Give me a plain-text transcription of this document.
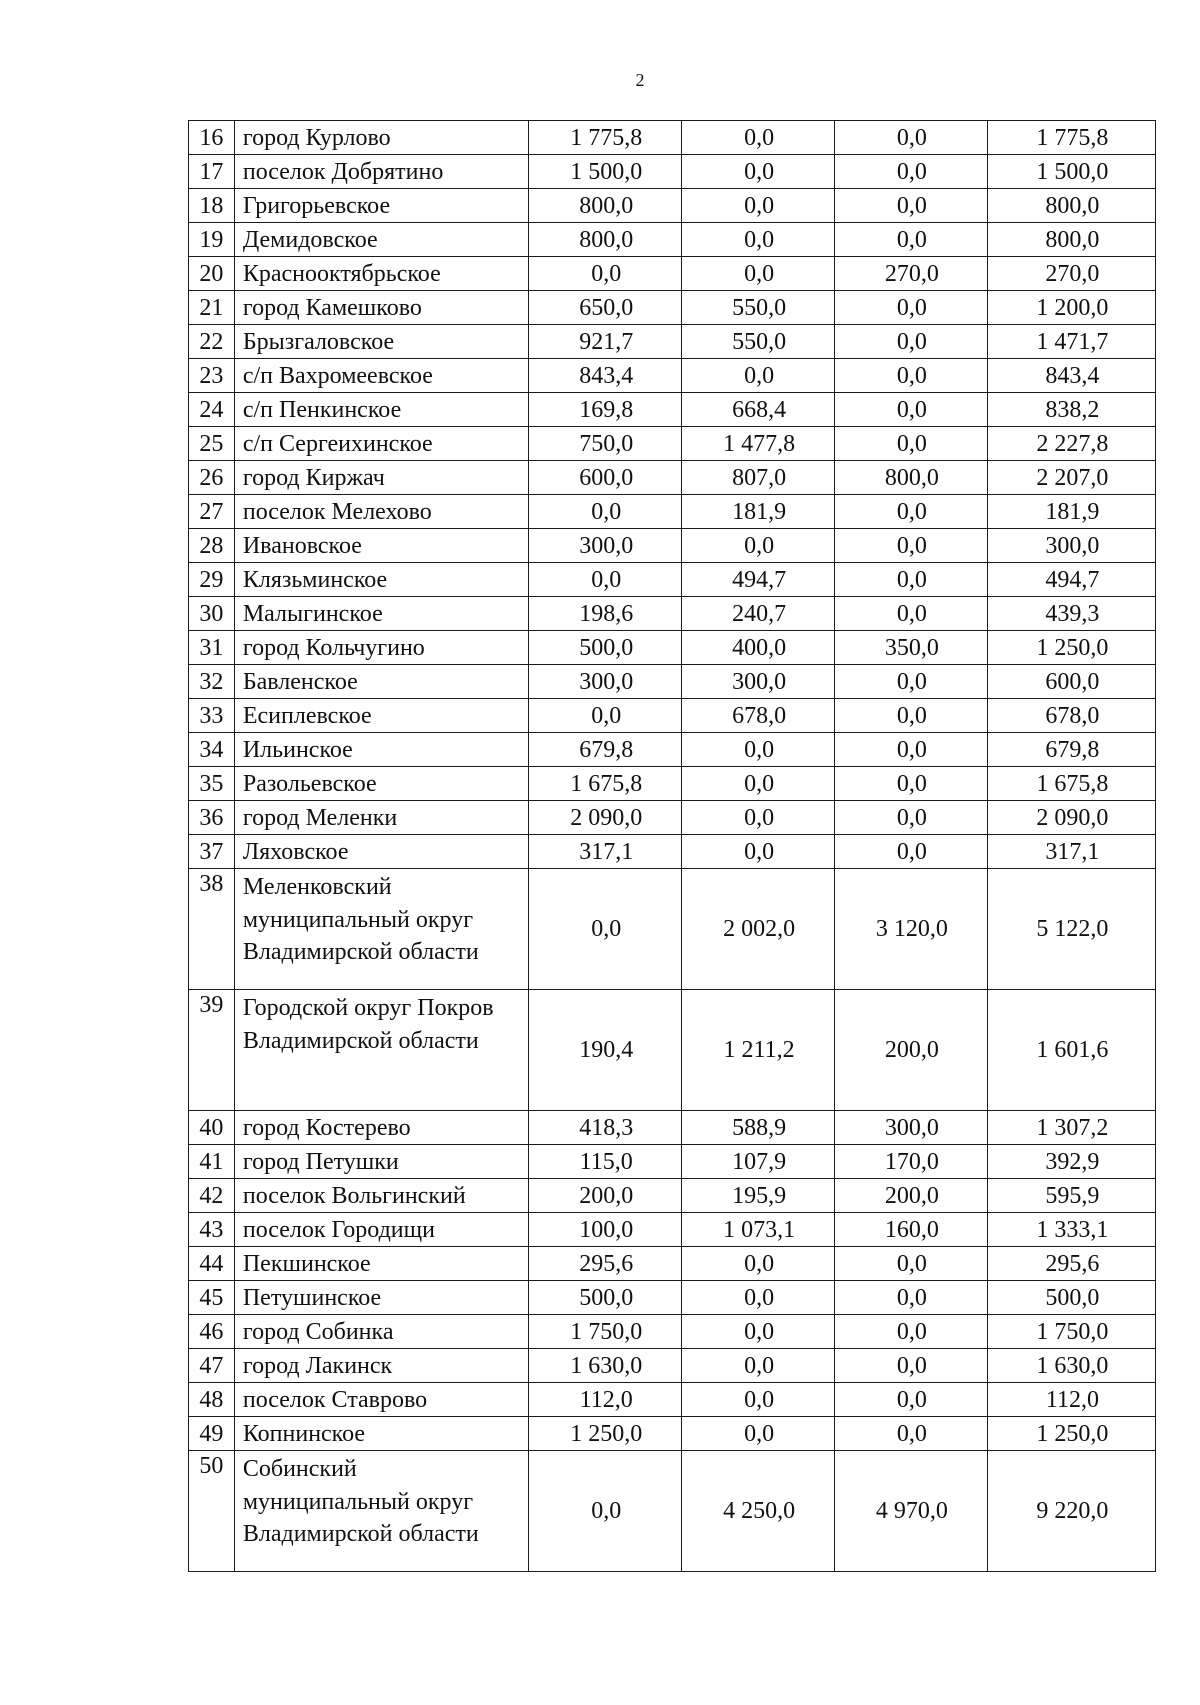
2
16	город Курлово	1 775,8	0,0	0,0	1 775,8
17	поселок Добрятино	1 500,0	0,0	0,0	1 500,0
18	Григорьевское	800,0	0,0	0,0	800,0
19	Демидовское	800,0	0,0	0,0	800,0
20	Краснооктябрьское	0,0	0,0	270,0	270,0
21	город Камешково	650,0	550,0	0,0	1 200,0
22	Брызгаловское	921,7	550,0	0,0	1 471,7
23	с/п Вахромеевское	843,4	0,0	0,0	843,4
24	с/п Пенкинское	169,8	668,4	0,0	838,2
25	с/п Сергеихинское	750,0	1 477,8	0,0	2 227,8
26	город Киржач	600,0	807,0	800,0	2 207,0
27	поселок Мелехово	0,0	181,9	0,0	181,9
28	Ивановское	300,0	0,0	0,0	300,0
29	Клязьминское	0,0	494,7	0,0	494,7
30	Малыгинское	198,6	240,7	0,0	439,3
31	город Кольчугино	500,0	400,0	350,0	1 250,0
32	Бавленское	300,0	300,0	0,0	600,0
33	Есиплевское	0,0	678,0	0,0	678,0
34	Ильинское	679,8	0,0	0,0	679,8
35	Разольевское	1 675,8	0,0	0,0	1 675,8
36	город Меленки	2 090,0	0,0	0,0	2 090,0
37	Ляховское	317,1	0,0	0,0	317,1
38	Меленковский муниципальный округ Владимирской области	0,0	2 002,0	3 120,0	5 122,0
39	Городской округ Покров Владимирской области	190,4	1 211,2	200,0	1 601,6
40	город Костерево	418,3	588,9	300,0	1 307,2
41	город Петушки	115,0	107,9	170,0	392,9
42	поселок Вольгинский	200,0	195,9	200,0	595,9
43	поселок Городищи	100,0	1 073,1	160,0	1 333,1
44	Пекшинское	295,6	0,0	0,0	295,6
45	Петушинское	500,0	0,0	0,0	500,0
46	город Собинка	1 750,0	0,0	0,0	1 750,0
47	город Лакинск	1 630,0	0,0	0,0	1 630,0
48	поселок Ставрово	112,0	0,0	0,0	112,0
49	Копнинское	1 250,0	0,0	0,0	1 250,0
50	Собинский муниципальный округ Владимирской области	0,0	4 250,0	4 970,0	9 220,0
